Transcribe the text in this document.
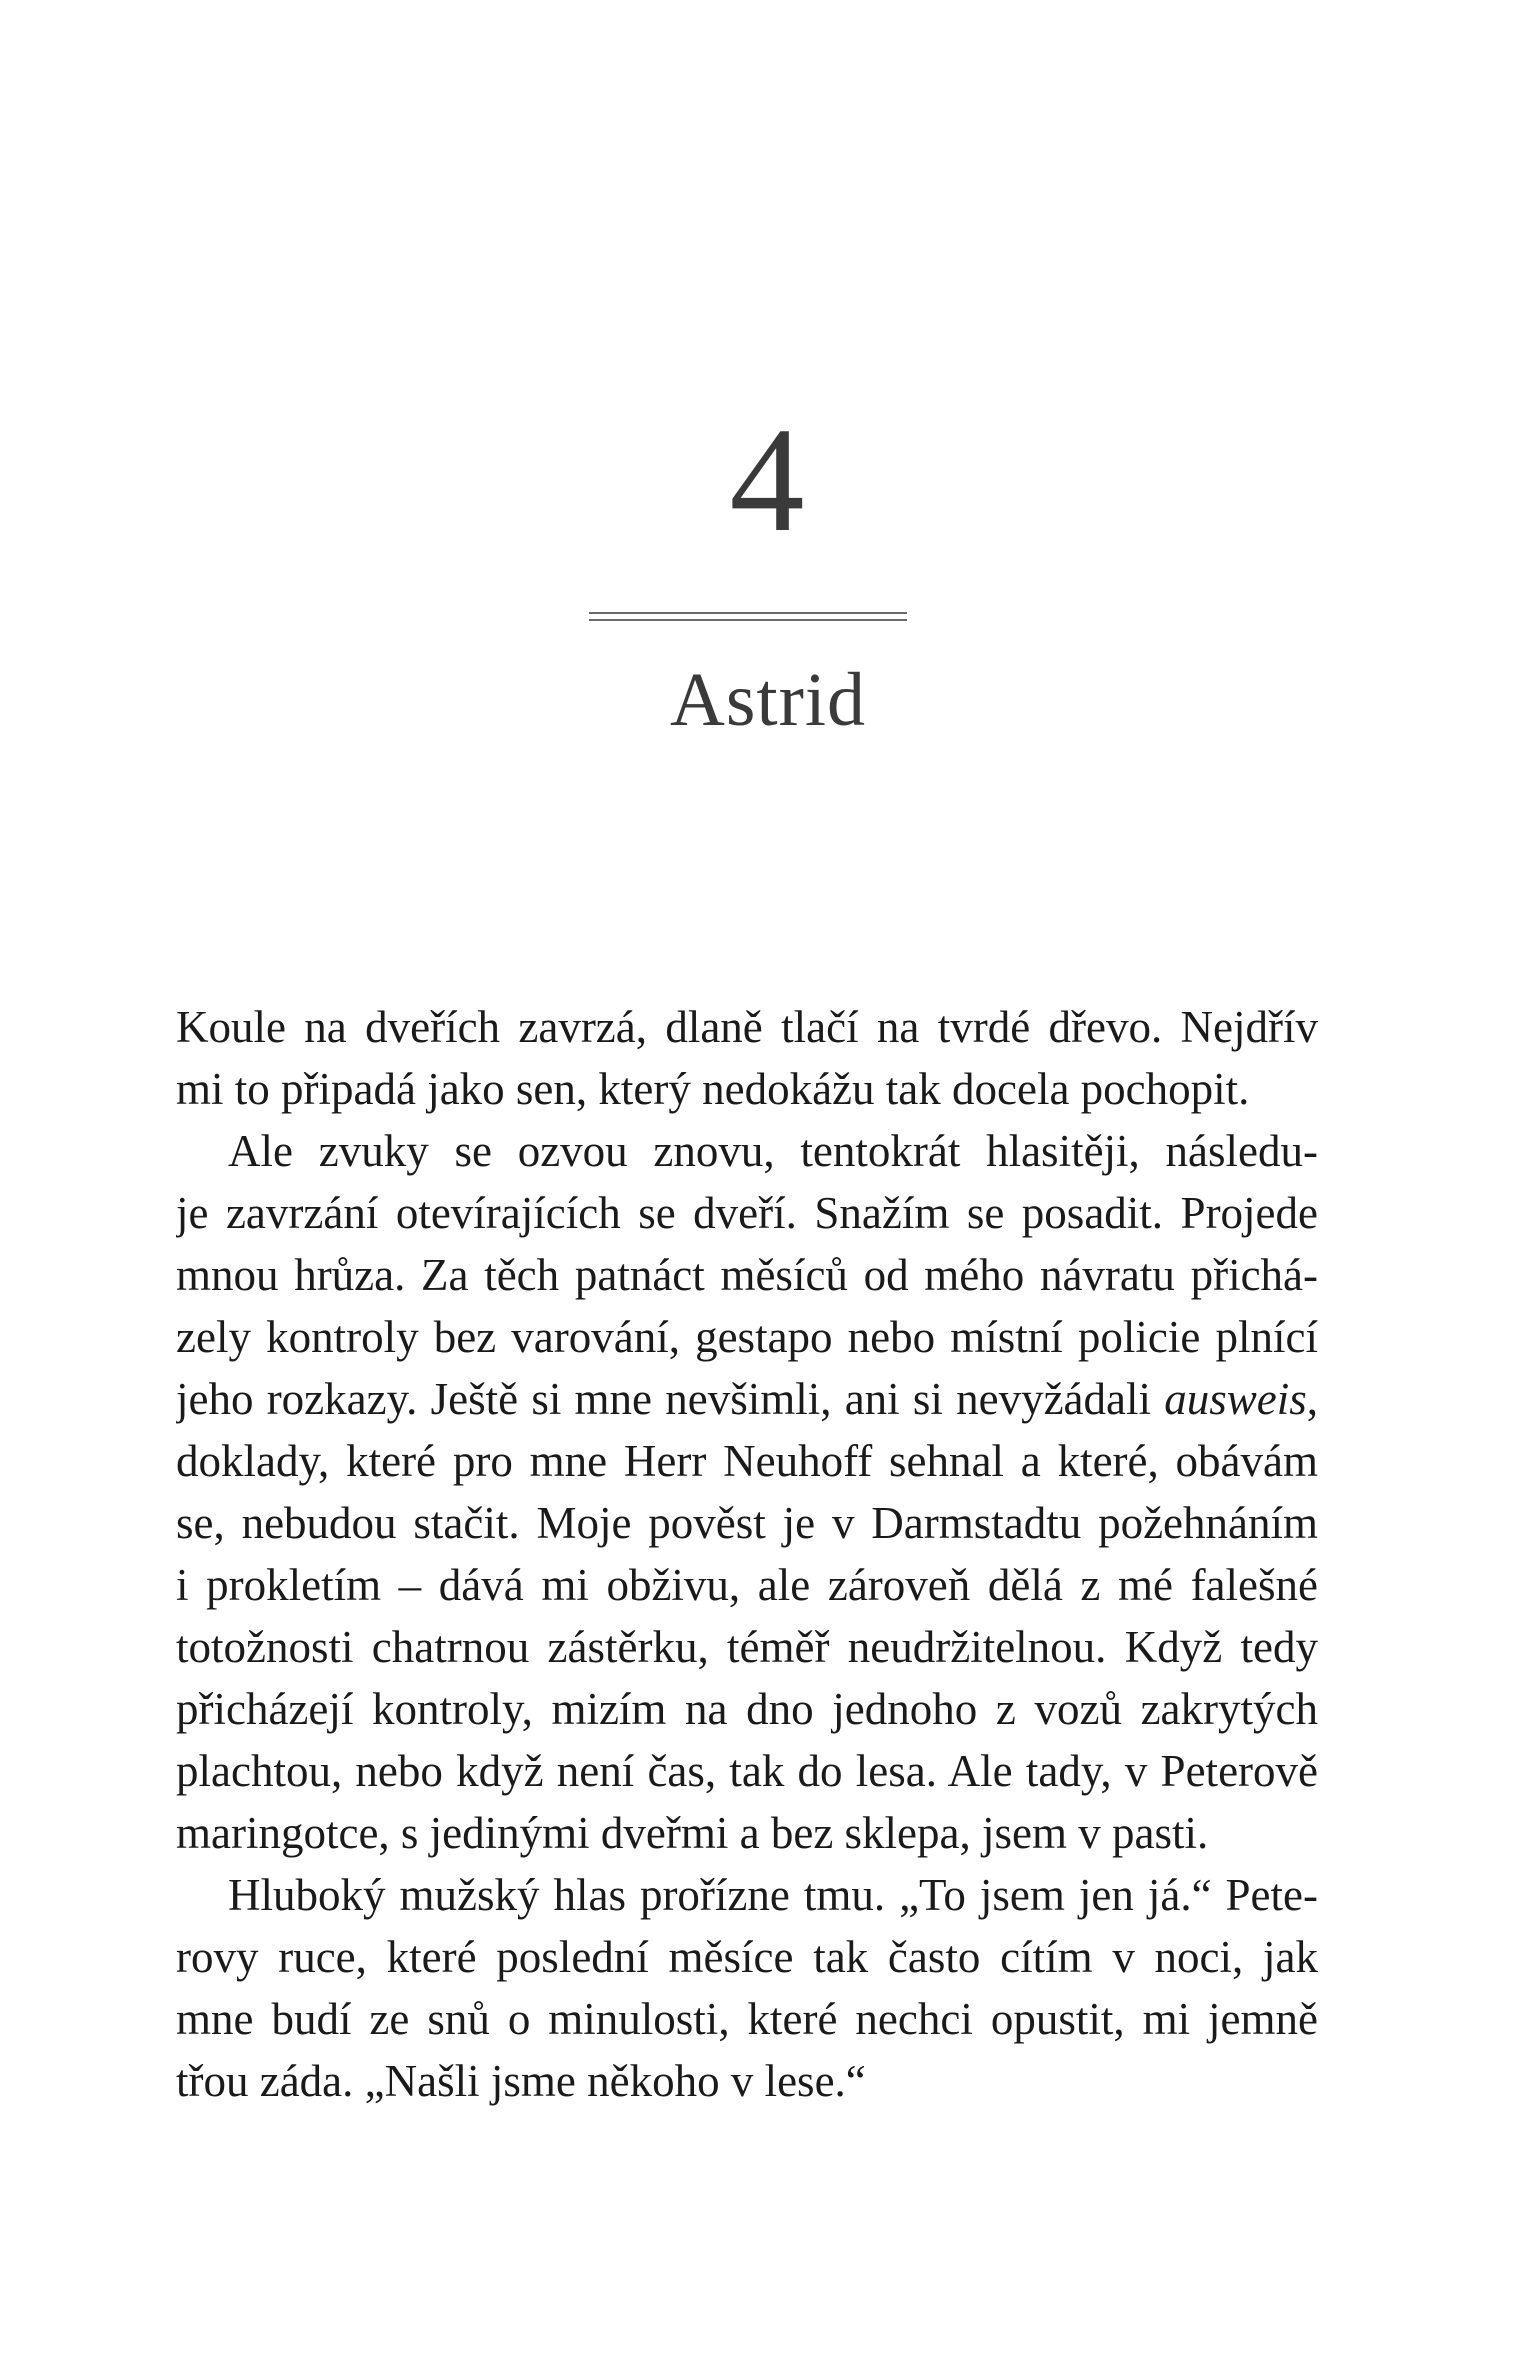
4
Astrid
Koule na dveřích zavrzá, dlaně tlačí na tvrdé dřevo. Nejdřív
mi to připadá jako sen, který nedokážu tak docela pochopit.
Ale zvuky se ozvou znovu, tentokrát hlasitěji, následu-
je zavrzání otevírajících se dveří. Snažím se posadit. Projede
mnou hrůza. Za těch patnáct měsíců od mého návratu přichá-
zely kontroly bez varování, gestapo nebo místní policie plnící
jeho rozkazy. Ještě si mne nevšimli, ani si nevyžádali ausweis,
doklady, které pro mne Herr Neuhoff sehnal a které, obávám
se, nebudou stačit. Moje pověst je v Darmstadtu požehnáním
i prokletím – dává mi obživu, ale zároveň dělá z mé falešné
totožnosti chatrnou zástěrku, téměř neudržitelnou. Když tedy
přicházejí kontroly, mizím na dno jednoho z vozů zakrytých
plachtou, nebo když není čas, tak do lesa. Ale tady, v Peterově
maringotce, s jedinými dveřmi a bez sklepa, jsem v pasti.
Hluboký mužský hlas prořízne tmu. „To jsem jen já.“ Pete-
rovy ruce, které poslední měsíce tak často cítím v noci, jak
mne budí ze snů o minulosti, které nechci opustit, mi jemně
třou záda. „Našli jsme někoho v lese.“
